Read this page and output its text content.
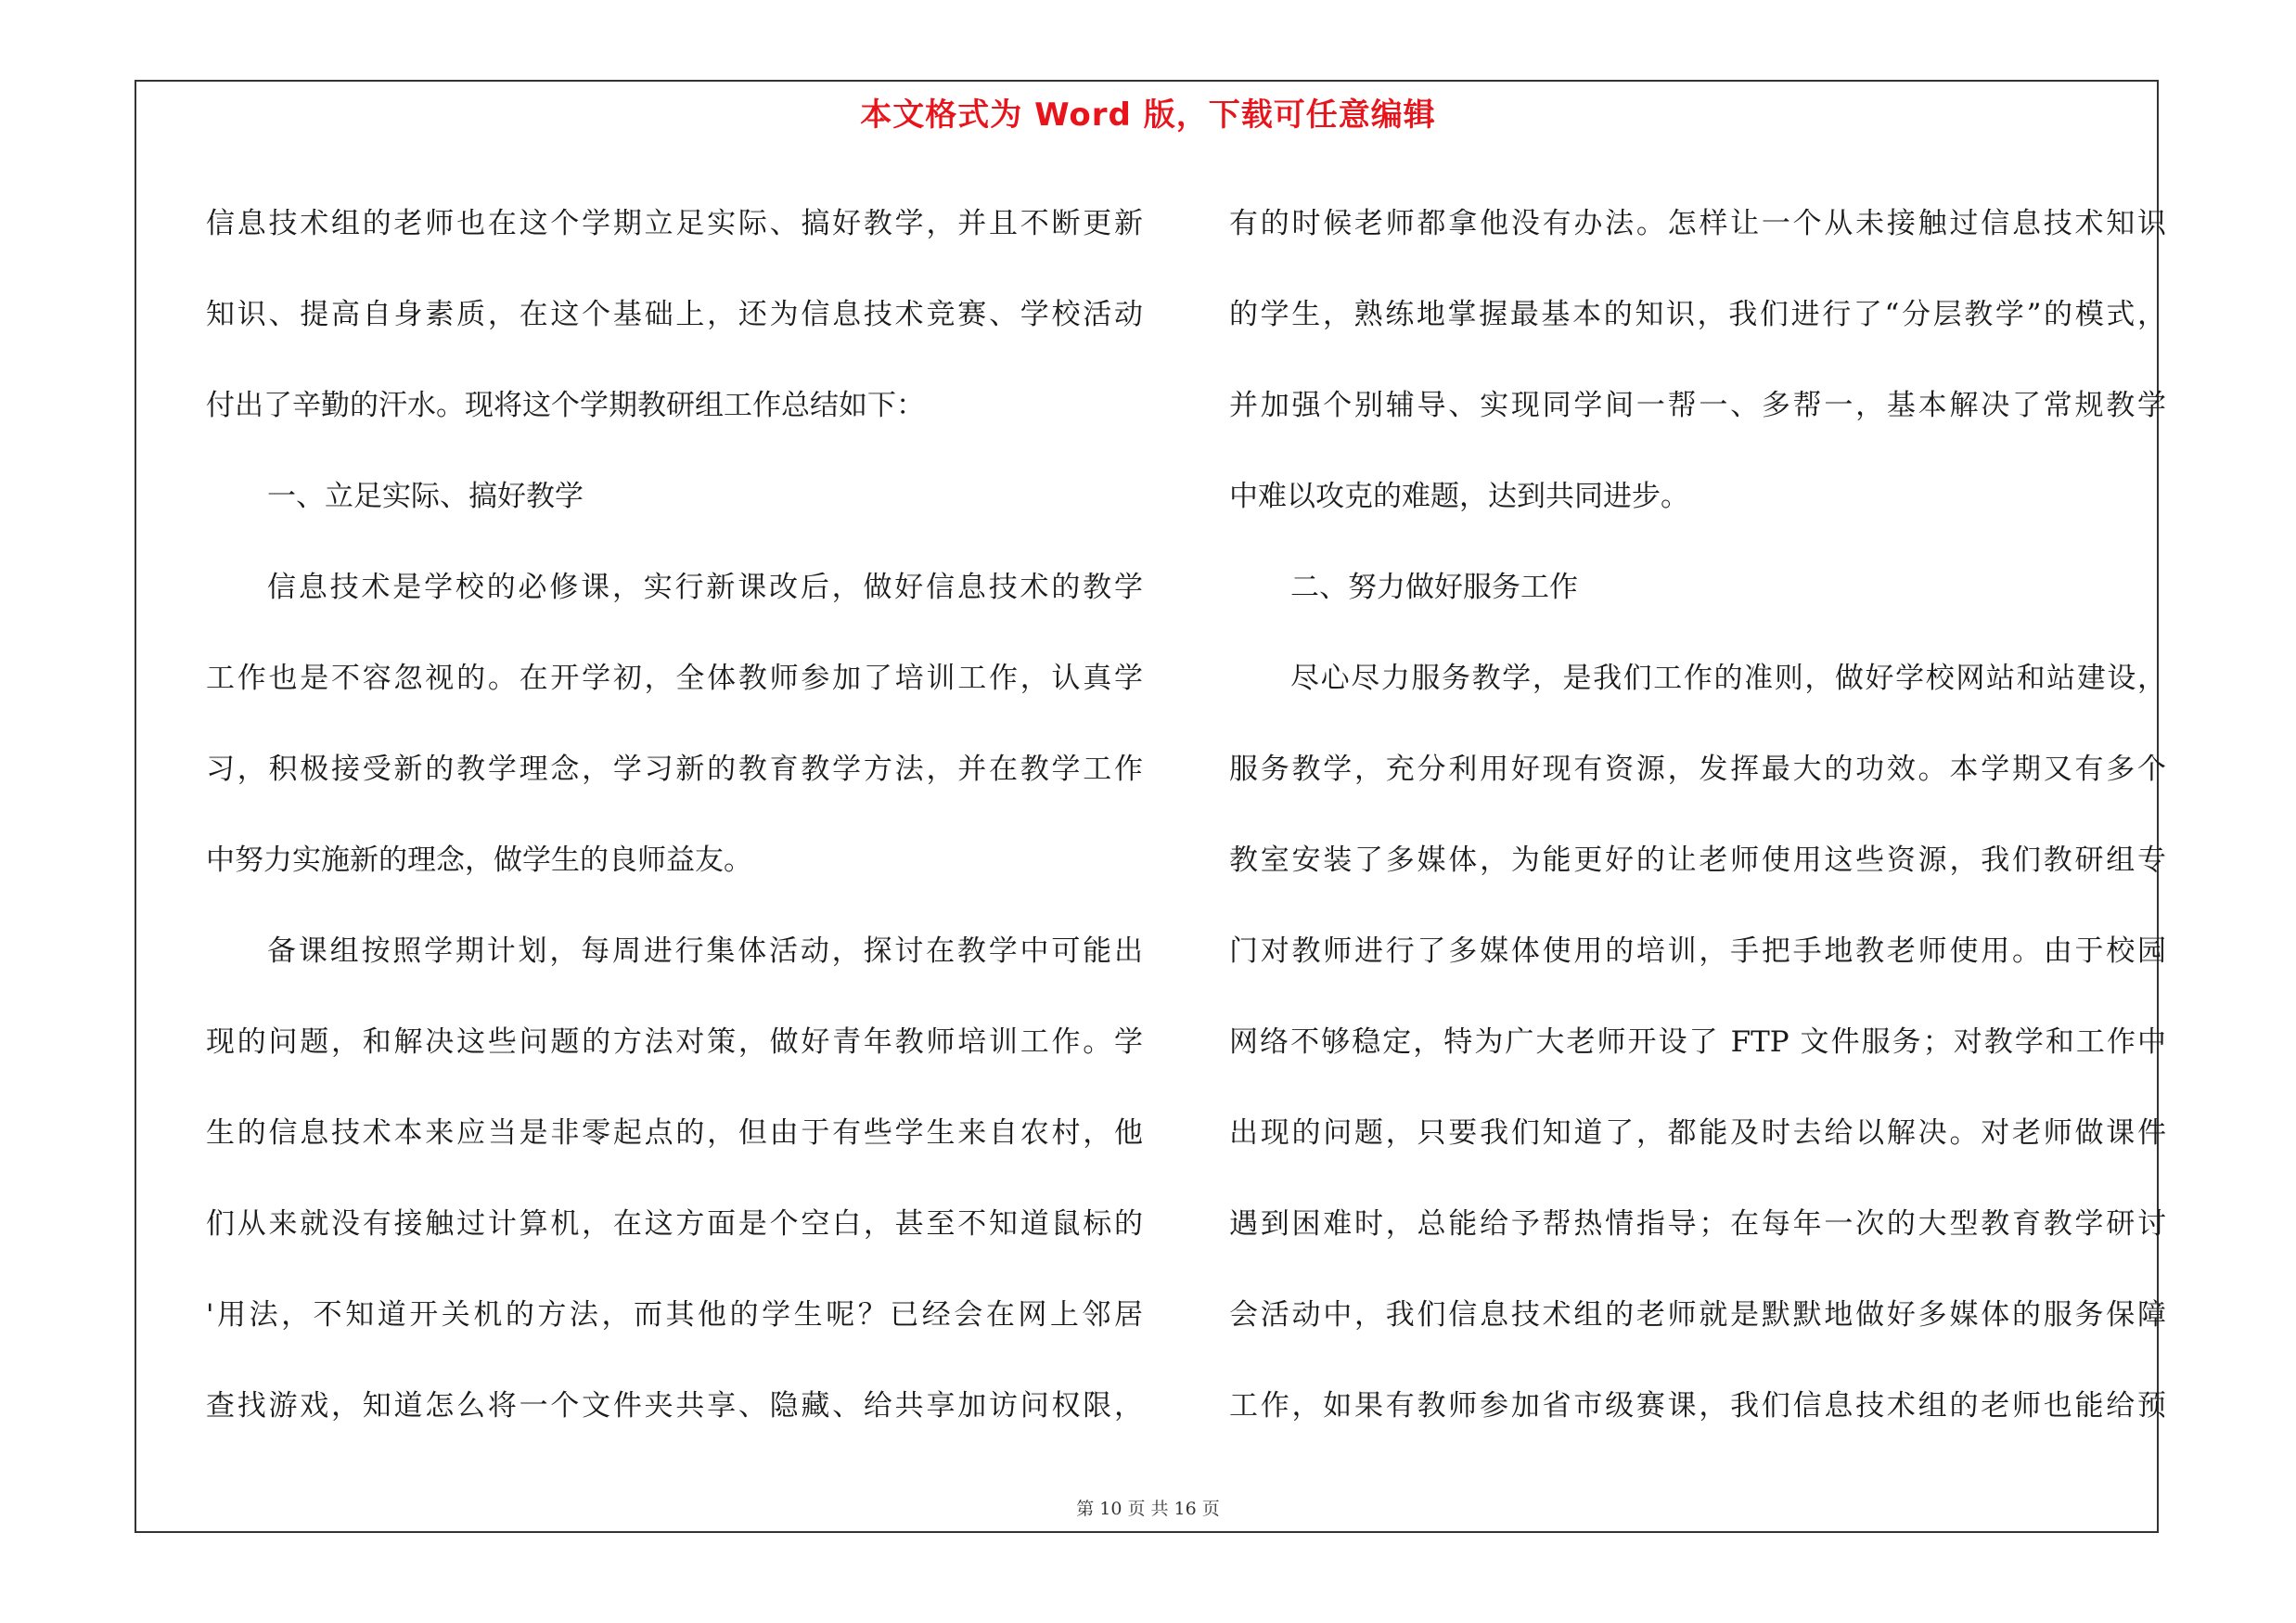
本文格式为 Word 版，下载可任意编辑
信息技术组的老师也在这个学期立足实际、搞好教学，并且不断更新
知识、提高自身素质，在这个基础上，还为信息技术竞赛、学校活动
付出了辛勤的汗水。现将这个学期教研组工作总结如下：
一、立足实际、搞好教学
信息技术是学校的必修课，实行新课改后，做好信息技术的教学
工作也是不容忽视的。在开学初，全体教师参加了培训工作，认真学
习，积极接受新的教学理念，学习新的教育教学方法，并在教学工作
中努力实施新的理念，做学生的良师益友。
备课组按照学期计划，每周进行集体活动，探讨在教学中可能出
现的问题，和解决这些问题的方法对策，做好青年教师培训工作。学
生的信息技术本来应当是非零起点的，但由于有些学生来自农村，他
们从来就没有接触过计算机，在这方面是个空白，甚至不知道鼠标的
'用法，不知道开关机的方法，而其他的学生呢？已经会在网上邻居
查找游戏，知道怎么将一个文件夹共享、隐藏、给共享加访问权限，
有的时候老师都拿他没有办法。怎样让一个从未接触过信息技术知识
的学生，熟练地掌握最基本的知识，我们进行了“分层教学”的模式，
并加强个别辅导、实现同学间一帮一、多帮一，基本解决了常规教学
中难以攻克的难题，达到共同进步。
二、努力做好服务工作
尽心尽力服务教学，是我们工作的准则，做好学校网站和站建设，
服务教学，充分利用好现有资源，发挥最大的功效。本学期又有多个
教室安装了多媒体，为能更好的让老师使用这些资源，我们教研组专
门对教师进行了多媒体使用的培训，手把手地教老师使用。由于校园
网络不够稳定，特为广大老师开设了 FTP 文件服务；对教学和工作中
出现的问题，只要我们知道了，都能及时去给以解决。对老师做课件
遇到困难时，总能给予帮热情指导；在每年一次的大型教育教学研讨
会活动中，我们信息技术组的老师就是默默地做好多媒体的服务保障
工作，如果有教师参加省市级赛课，我们信息技术组的老师也能给预
第 10 页 共 16 页
